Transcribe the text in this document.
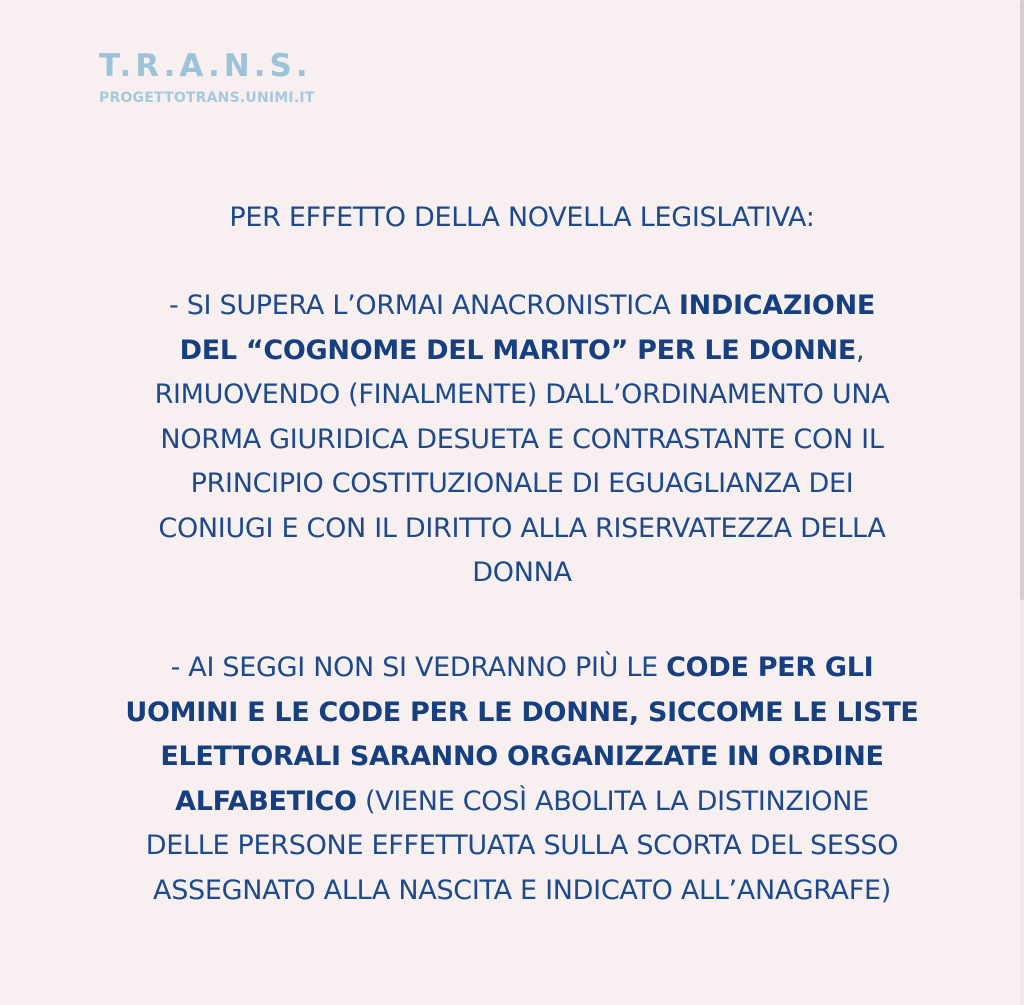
T.R.A.N.S.
PROGETTOTRANS.UNIMI.IT
PER EFFETTO DELLA NOVELLA LEGISLATIVA:
- SI SUPERA L’ORMAI ANACRONISTICA INDICAZIONE
DEL “COGNOME DEL MARITO” PER LE DONNE,
RIMUOVENDO (FINALMENTE) DALL’ORDINAMENTO UNA
NORMA GIURIDICA DESUETA E CONTRASTANTE CON IL
PRINCIPIO COSTITUZIONALE DI EGUAGLIANZA DEI
CONIUGI E CON IL DIRITTO ALLA RISERVATEZZA DELLA
DONNA
- AI SEGGI NON SI VEDRANNO PIÙ LE CODE PER GLI
UOMINI E LE CODE PER LE DONNE, SICCOME LE LISTE
ELETTORALI SARANNO ORGANIZZATE IN ORDINE
ALFABETICO (VIENE COSÌ ABOLITA LA DISTINZIONE
DELLE PERSONE EFFETTUATA SULLA SCORTA DEL SESSO
ASSEGNATO ALLA NASCITA E INDICATO ALL’ANAGRAFE)
